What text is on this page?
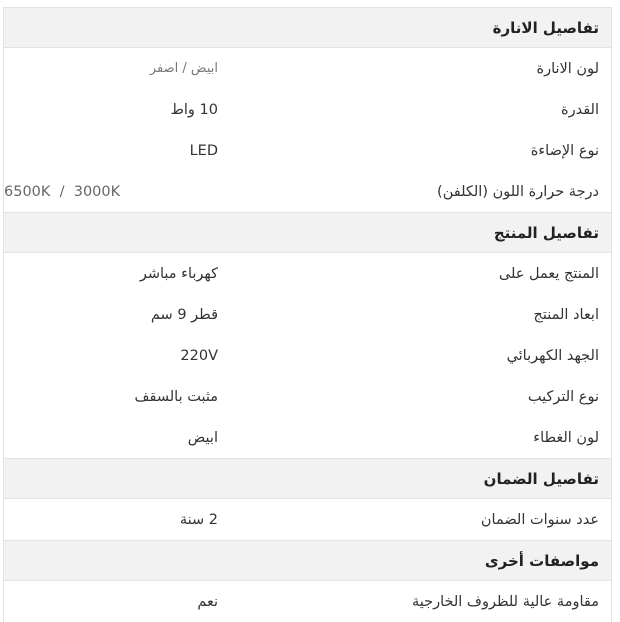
تفاصيل الانارة
لون الانارة
ابيض / اصفر
القدرة
10 واط
نوع الإضاءة
LED
درجة حرارة اللون (الكلفن)
6500K  /  3000K
تفاصيل المنتج
المنتج يعمل على
كهرباء مباشر
ابعاد المنتج
قطر 9 سم
الجهد الكهربائي
220V
نوع التركيب
مثبت بالسقف
لون الغطاء
ابيض
تفاصيل الضمان
عدد سنوات الضمان
2 سنة
مواصفات أخرى
مقاومة عالية للظروف الخارجية
نعم
